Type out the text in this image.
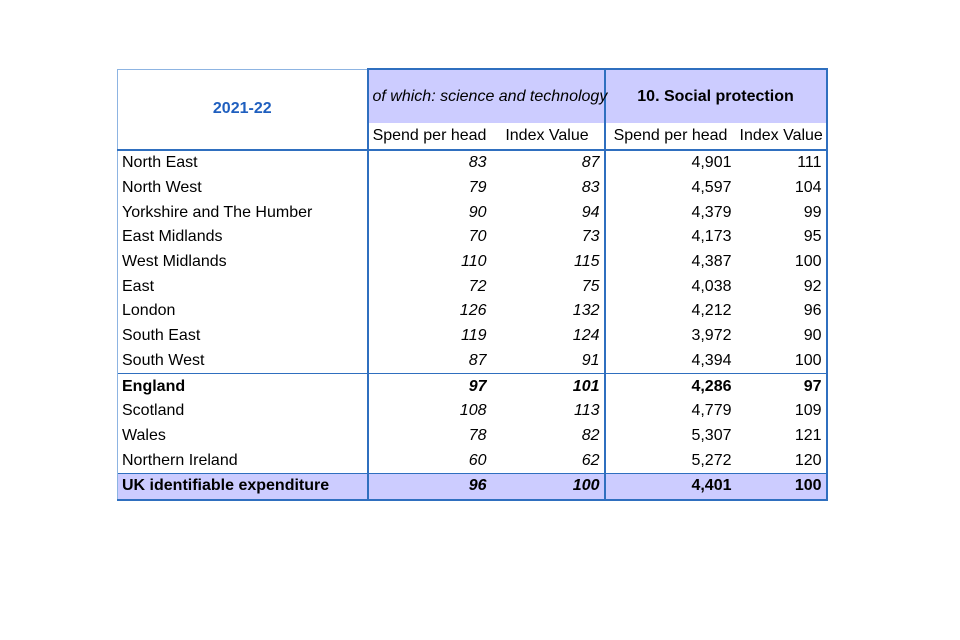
2021-22	of which: science and technology		10. Social protection	
	Spend per head	Index Value	Spend per head	Index Value
North East	83	87	4,901	111
North West	79	83	4,597	104
Yorkshire and The Humber	90	94	4,379	99
East Midlands	70	73	4,173	95
West Midlands	110	115	4,387	100
East	72	75	4,038	92
London	126	132	4,212	96
South East	119	124	3,972	90
South West	87	91	4,394	100
England	97	101	4,286	97
Scotland	108	113	4,779	109
Wales	78	82	5,307	121
Northern Ireland	60	62	5,272	120
UK identifiable expenditure	96	100	4,401	100
